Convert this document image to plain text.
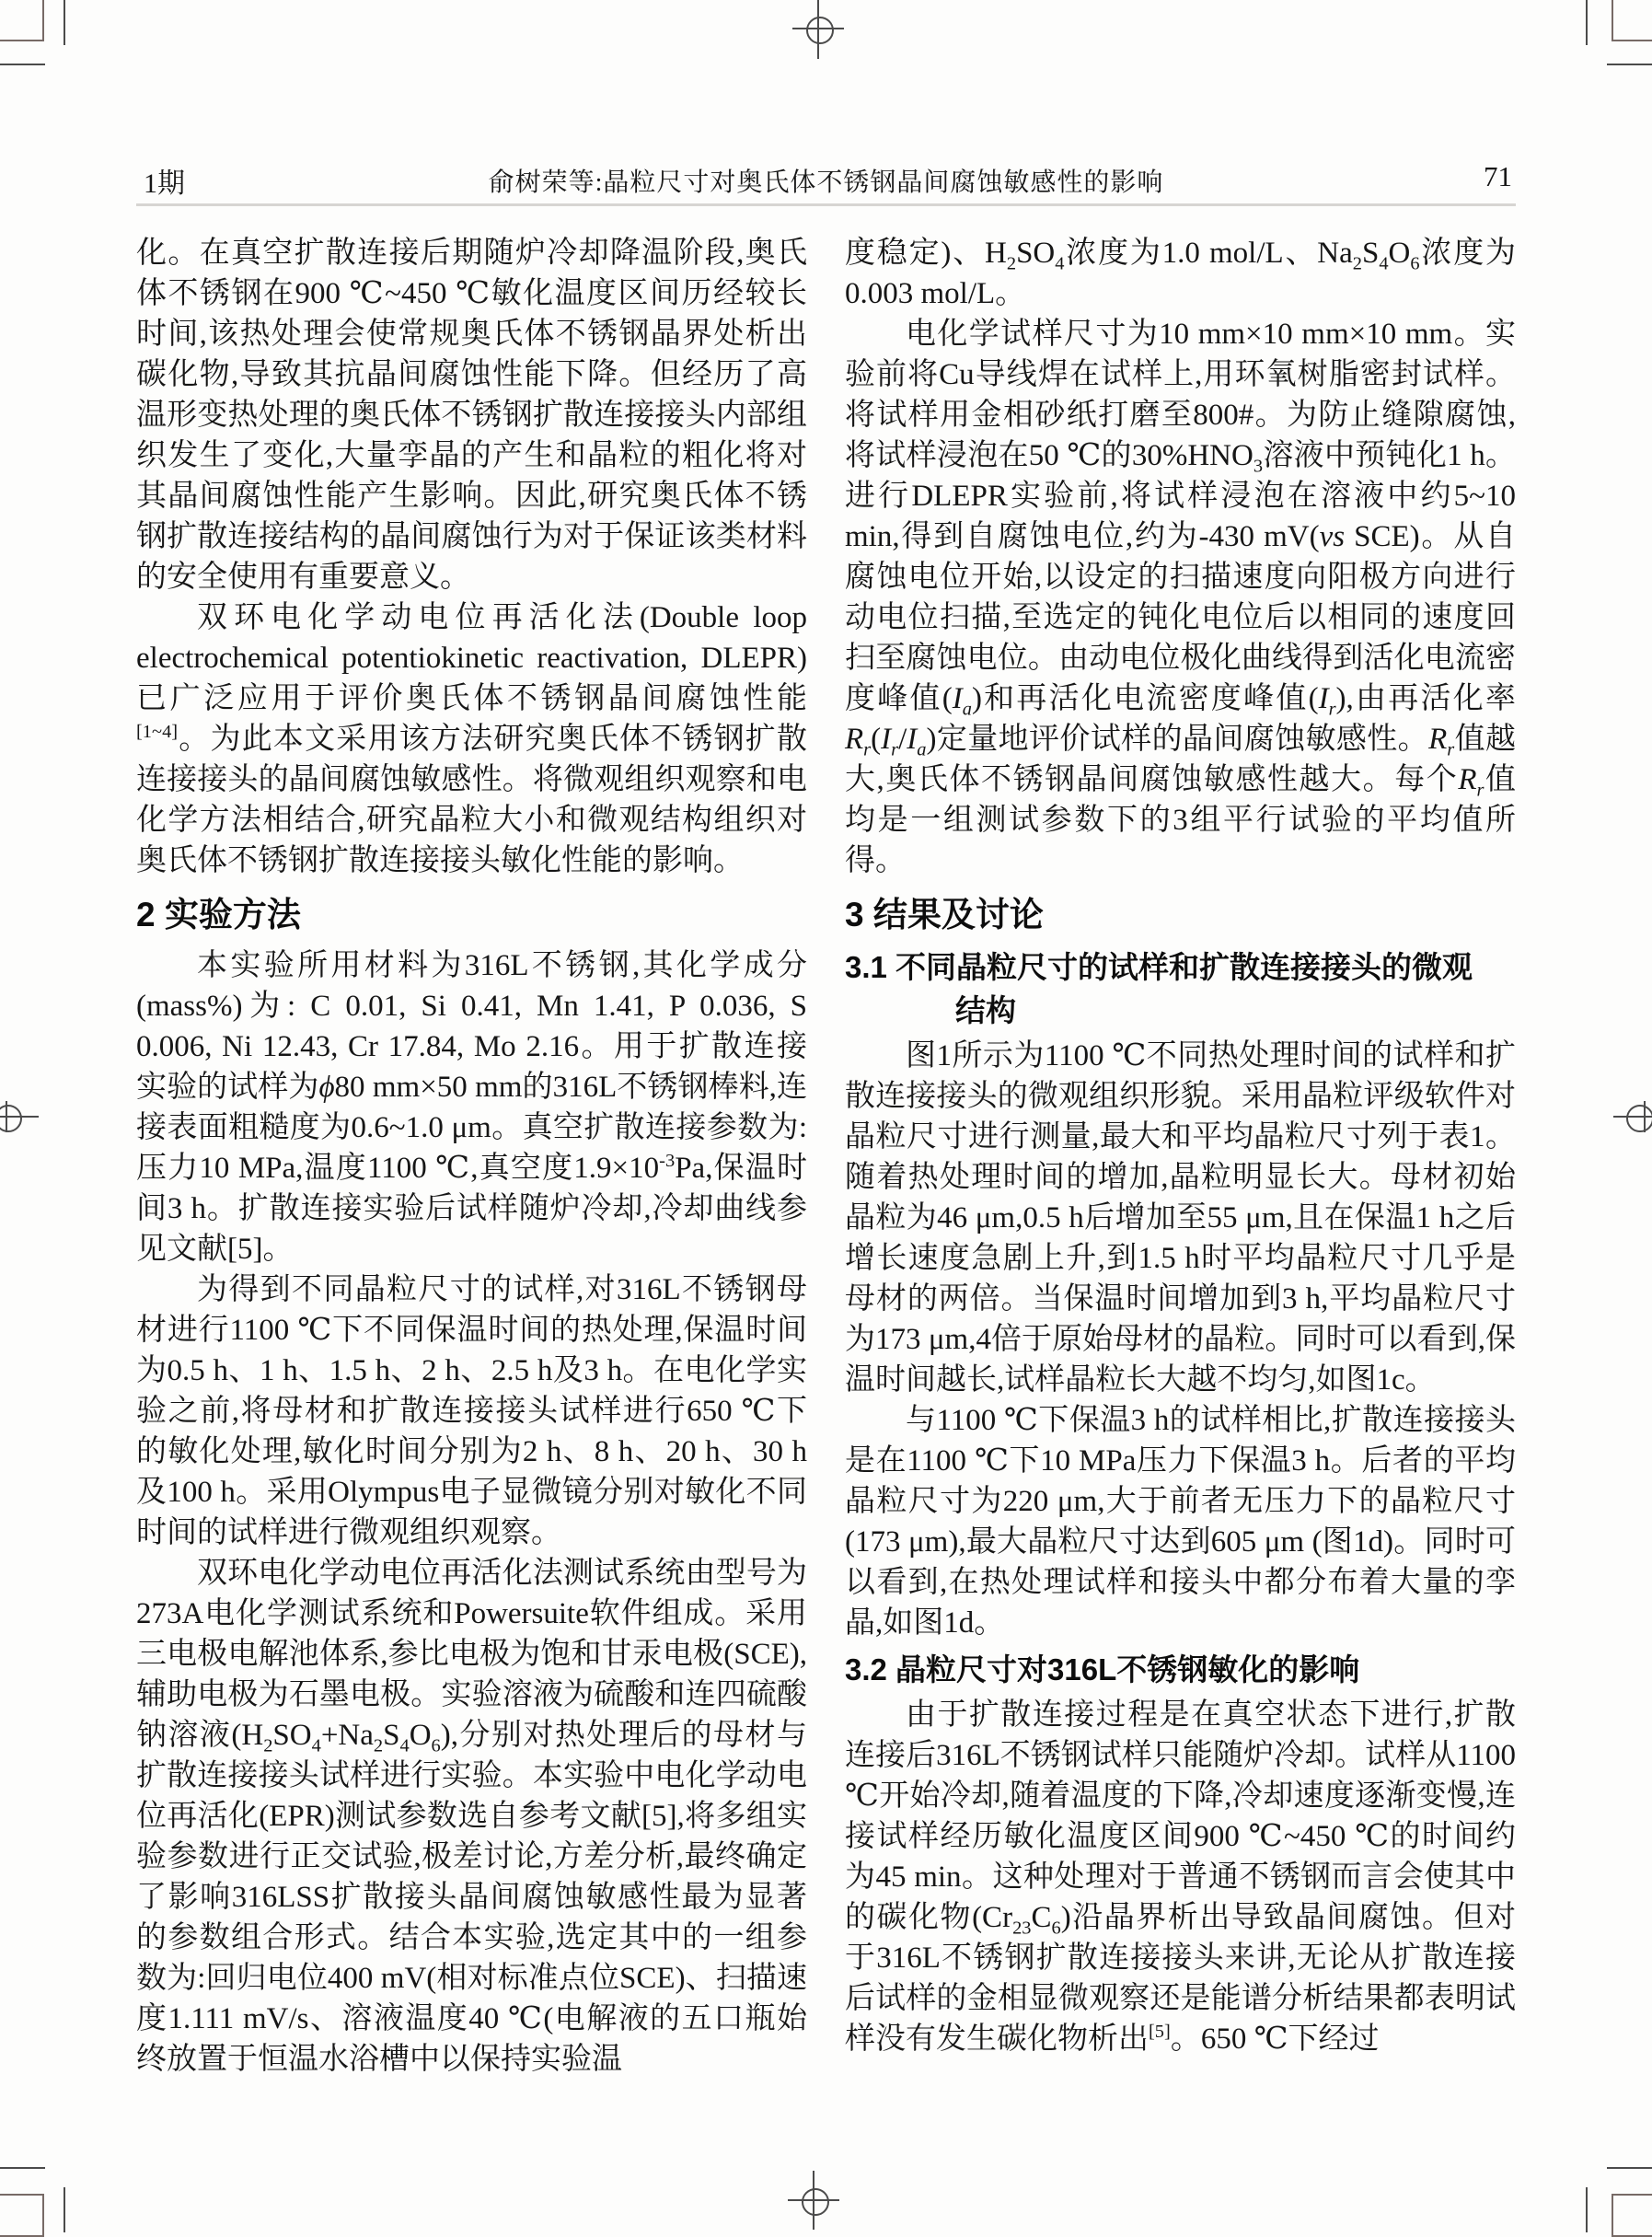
1期	俞树荣等:晶粒尺寸对奥氏体不锈钢晶间腐蚀敏感性的影响	71

化。在真空扩散连接后期随炉冷却降温阶段,奥氏体不锈钢在900 ℃~450 ℃敏化温度区间历经较长时间,该热处理会使常规奥氏体不锈钢晶界处析出碳化物,导致其抗晶间腐蚀性能下降。但经历了高温形变热处理的奥氏体不锈钢扩散连接接头内部组织发生了变化,大量孪晶的产生和晶粒的粗化将对其晶间腐蚀性能产生影响。因此,研究奥氏体不锈钢扩散连接结构的晶间腐蚀行为对于保证该类材料的安全使用有重要意义。

双环电化学动电位再活化法(Double loop electrochemical potentiokinetic reactivation, DLEPR)已广泛应用于评价奥氏体不锈钢晶间腐蚀性能[1~4]。为此本文采用该方法研究奥氏体不锈钢扩散连接接头的晶间腐蚀敏感性。将微观组织观察和电化学方法相结合,研究晶粒大小和微观结构组织对奥氏体不锈钢扩散连接接头敏化性能的影响。

2 实验方法

本实验所用材料为316L不锈钢,其化学成分(mass%)为: C 0.01, Si 0.41, Mn 1.41, P 0.036, S 0.006, Ni 12.43, Cr 17.84, Mo 2.16。用于扩散连接实验的试样为ϕ80 mm×50 mm的316L不锈钢棒料,连接表面粗糙度为0.6~1.0 μm。真空扩散连接参数为:压力10 MPa,温度1100 ℃,真空度$1.9\times 10^{-3}Pa$,保温时间3 h。扩散连接实验后试样随炉冷却,冷却曲线参见文献[5]。

为得到不同晶粒尺寸的试样,对316L不锈钢母材进行1100 ℃下不同保温时间的热处理,保温时间为0.5 h、1 h、1.5 h、2 h、2.5 h及3 h。在电化学实验之前,将母材和扩散连接接头试样进行650 ℃下的敏化处理,敏化时间分别为2 h、8 h、20 h、30 h及100 h。采用Olympus电子显微镜分别对敏化不同时间的试样进行微观组织观察。

双环电化学动电位再活化法测试系统由型号为273A电化学测试系统和Powersuite软件组成。采用三电极电解池体系,参比电极为饱和甘汞电极(SCE),辅助电极为石墨电极。实验溶液为硫酸和连四硫酸钠溶液$(H_2SO_4+Na_2S_4O_6)$,分别对热处理后的母材与扩散连接接头试样进行实验。本实验中电化学动电位再活化(EPR)测试参数选自参考文献[5],将多组实验参数进行正交试验,极差讨论,方差分析,最终确定了影响316LSS扩散接头晶间腐蚀敏感性最为显著的参数组合形式。结合本实验,选定其中的一组参数为:回归电位400 mV(相对标准点位SCE)、扫描速度1.111 mV/s、溶液温度40 ℃(电解液的五口瓶始终放置于恒温水浴槽中以保持实验温

度稳定)、$H_2SO_4$浓度为1.0 mol/L、$Na_2S_4O_6$浓度为0.003 mol/L。

电化学试样尺寸为10 mm×10 mm×10 mm。实验前将Cu导线焊在试样上,用环氧树脂密封试样。将试样用金相砂纸打磨至800#。为防止缝隙腐蚀,将试样浸泡在50 ℃的$30\%HNO_3$溶液中预钝化1 h。进行DLEPR实验前,将试样浸泡在溶液中约5~10 min,得到自腐蚀电位,约为-430 mV(vs SCE)。从自腐蚀电位开始,以设定的扫描速度向阳极方向进行动电位扫描,至选定的钝化电位后以相同的速度回扫至腐蚀电位。由动电位极化曲线得到活化电流密度峰值$(I_a)$和再活化电流密度峰值$(I_r)$,由再活化率$R_r(I_r/I_a)$定量地评价试样的晶间腐蚀敏感性。$R_r$值越大,奥氏体不锈钢晶间腐蚀敏感性越大。每个$R_r$值均是一组测试参数下的3组平行试验的平均值所得。

3 结果及讨论
3.1 不同晶粒尺寸的试样和扩散连接接头的微观
结构

图1所示为1100 ℃不同热处理时间的试样和扩散连接接头的微观组织形貌。采用晶粒评级软件对晶粒尺寸进行测量,最大和平均晶粒尺寸列于表1。随着热处理时间的增加,晶粒明显长大。母材初始晶粒为46 μm,0.5 h后增加至55 μm,且在保温1 h之后增长速度急剧上升,到1.5 h时平均晶粒尺寸几乎是母材的两倍。当保温时间增加到3 h,平均晶粒尺寸为173 μm,4倍于原始母材的晶粒。同时可以看到,保温时间越长,试样晶粒长大越不均匀,如图1c。

与1100 ℃下保温3 h的试样相比,扩散连接接头是在1100 ℃下10 MPa压力下保温3 h。后者的平均晶粒尺寸为220 μm,大于前者无压力下的晶粒尺寸(173 μm),最大晶粒尺寸达到605 μm (图1d)。同时可以看到,在热处理试样和接头中都分布着大量的孪晶,如图1d。

3.2 晶粒尺寸对316L不锈钢敏化的影响

由于扩散连接过程是在真空状态下进行,扩散连接后316L不锈钢试样只能随炉冷却。试样从1100 ℃开始冷却,随着温度的下降,冷却速度逐渐变慢,连接试样经历敏化温度区间900 ℃~450 ℃的时间约为45 min。这种处理对于普通不锈钢而言会使其中的碳化物$(Cr_{23}C_6)$沿晶界析出导致晶间腐蚀。但对于316L不锈钢扩散连接接头来讲,无论从扩散连接后试样的金相显微观察还是能谱分析结果都表明试样没有发生碳化物析出[5]。650 ℃下经过
